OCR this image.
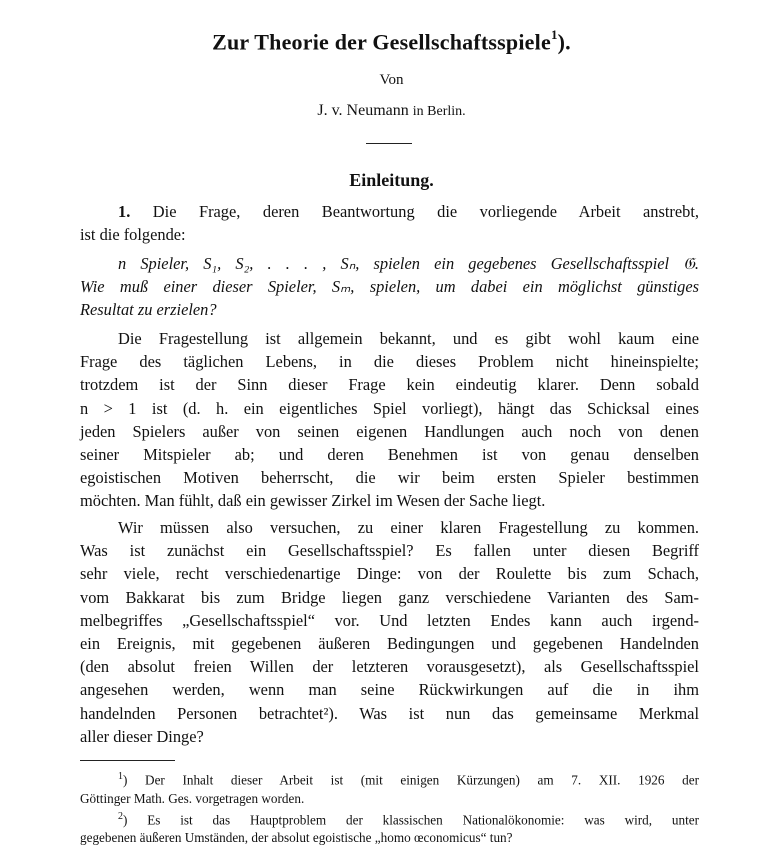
Zur Theorie der Gesellschaftsspiele$^1$).
Von
J. v. Neumann in Berlin.
Einleitung.
1. Die Frage, deren Beantwortung die vorliegende Arbeit anstrebt,
ist die folgende:
n Spieler, S₁, S₂, . . . , Sₙ, spielen ein gegebenes Gesellschaftsspiel 𝔊.
Wie muß einer dieser Spieler, Sₘ, spielen, um dabei ein möglichst günstiges
Resultat zu erzielen?
Die Fragestellung ist allgemein bekannt, und es gibt wohl kaum eine
Frage des täglichen Lebens, in die dieses Problem nicht hineinspielte;
trotzdem ist der Sinn dieser Frage kein eindeutig klarer. Denn sobald
n > 1 ist (d. h. ein eigentliches Spiel vorliegt), hängt das Schicksal eines
jeden Spielers außer von seinen eigenen Handlungen auch noch von denen
seiner Mitspieler ab; und deren Benehmen ist von genau denselben
egoistischen Motiven beherrscht, die wir beim ersten Spieler bestimmen
möchten. Man fühlt, daß ein gewisser Zirkel im Wesen der Sache liegt.
Wir müssen also versuchen, zu einer klaren Fragestellung zu kommen.
Was ist zunächst ein Gesellschaftsspiel? Es fallen unter diesen Begriff
sehr viele, recht verschiedenartige Dinge: von der Roulette bis zum Schach,
vom Bakkarat bis zum Bridge liegen ganz verschiedene Varianten des Sam-
melbegriffes „Gesellschaftsspiel“ vor. Und letzten Endes kann auch irgend-
ein Ereignis, mit gegebenen äußeren Bedingungen und gegebenen Handelnden
(den absolut freien Willen der letzteren vorausgesetzt), als Gesellschaftsspiel
angesehen werden, wenn man seine Rückwirkungen auf die in ihm
handelnden Personen betrachtet²). Was ist nun das gemeinsame Merkmal
aller dieser Dinge?
$^1$) Der Inhalt dieser Arbeit ist (mit einigen Kürzungen) am 7. XII. 1926 der
Göttinger Math. Ges. vorgetragen worden.
$^2$) Es ist das Hauptproblem der klassischen Nationalökonomie: was wird, unter
gegebenen äußeren Umständen, der absolut egoistische „homo œconomicus“ tun?
